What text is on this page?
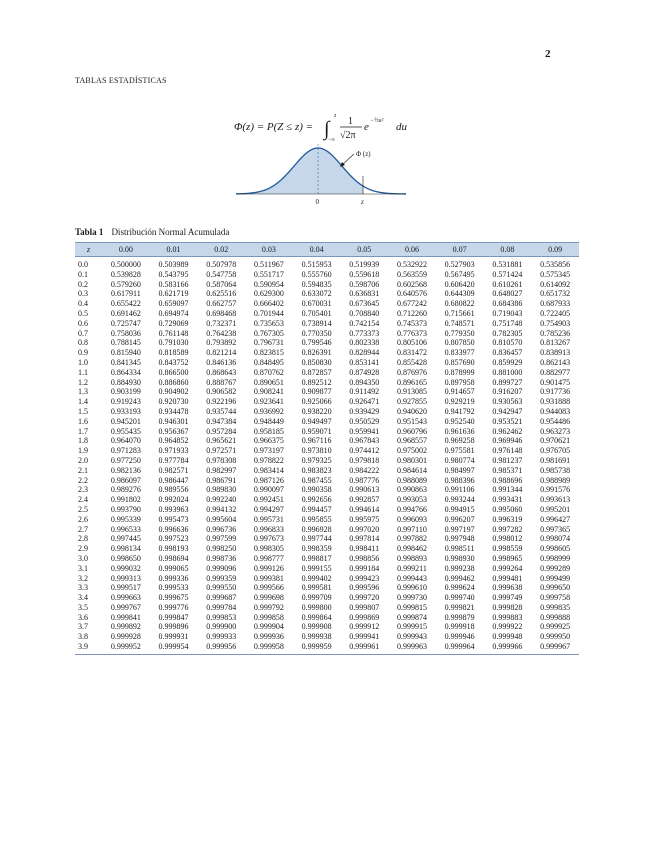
2
TABLAS ESTADÍSTICAS
Φ(z) = P(Z ≤ z) = ∫
z
−∞
1
√2π
e −½u² du
Φ (z)
0	z
Tabla 1 Distribución Normal Acumulada
z	0.00	0.01	0.02	0.03	0.04	0.05	0.06	0.07	0.08	0.09
0.0	0.500000	0.503989	0.507978	0.511967	0.515953	0.519939	0.532922	0.527903	0.531881	0.535856
0.1	0.539828	0.543795	0.547758	0.551717	0.555760	0.559618	0.563559	0.567495	0.571424	0.575345
0.2	0.579260	0.583166	0.587064	0.590954	0.594835	0.598706	0.602568	0.606420	0.610261	0.614092
0.3	0.617911	0.621719	0.625516	0.629300	0.633072	0.636831	0.640576	0.644309	0.648027	0.651732
0.4	0.655422	0.659097	0.662757	0.666402	0.670031	0.673645	0.677242	0.680822	0.684386	0.687933
0.5	0.691462	0.694974	0.698468	0.701944	0.705401	0.708840	0.712260	0.715661	0.719043	0.722405
0.6	0.725747	0.729069	0.732371	0.735653	0.738914	0.742154	0.745373	0.748571	0.751748	0.754903
0.7	0.758036	0.761148	0.764238	0.767305	0.770350	0.773373	0.776373	0.779350	0.782305	0.785236
0.8	0.788145	0.791030	0.793892	0.796731	0.799546	0.802338	0.805106	0.807850	0.810570	0.813267
0.9	0.815940	0.818589	0.821214	0.823815	0.826391	0.828944	0.831472	0.833977	0.836457	0.838913
1.0	0.841345	0.843752	0.846136	0.848495	0.850830	0.853141	0.855428	0.857690	0.859929	0.862143
1.1	0.864334	0.866500	0.868643	0.870762	0.872857	0.874928	0.876976	0.878999	0.881000	0.882977
1.2	0.884930	0.886860	0.888767	0.890651	0.892512	0.894350	0.896165	0.897958	0.899727	0.901475
1.3	0.903199	0.904902	0.906582	0.908241	0.909877	0.911492	0.913085	0.914657	0.916207	0.917736
1.4	0.919243	0.920730	0.922196	0.923641	0.925066	0.926471	0.927855	0.929219	0.930563	0.931888
1.5	0.933193	0.934478	0.935744	0.936992	0.938220	0.939429	0.940620	0.941792	0.942947	0.944083
1.6	0.945201	0.946301	0.947384	0.948449	0.949497	0.950529	0.951543	0.952540	0.953521	0.954486
1.7	0.955435	0.956367	0.957284	0.958185	0.959071	0.959941	0.960796	0.961636	0.962462	0.963273
1.8	0.964070	0.964852	0.965621	0.966375	0.967116	0.967843	0.968557	0.969258	0.969946	0.970621
1.9	0.971283	0.971933	0.972571	0.973197	0.973810	0.974412	0.975002	0.975581	0.976148	0.976705
2.0	0.977250	0.977784	0.978308	0.978822	0.979325	0.979818	0.980301	0.980774	0.981237	0.981691
2.1	0.982136	0.982571	0.982997	0.983414	0.983823	0.984222	0.984614	0.984997	0.985371	0.985738
2.2	0.986097	0.986447	0.986791	0.987126	0.987455	0.987776	0.988089	0.988396	0.988696	0.988989
2.3	0.989276	0.989556	0.989830	0.990097	0.990358	0.990613	0.990863	0.991106	0.991344	0.991576
2.4	0.991802	0.992024	0.992240	0.992451	0.992656	0.992857	0.993053	0.993244	0.993431	0.993613
2.5	0.993790	0.993963	0.994132	0.994297	0.994457	0.994614	0.994766	0.994915	0.995060	0.995201
2.6	0.995339	0.995473	0.995604	0.995731	0.995855	0.995975	0.996093	0.996207	0.996319	0.996427
2.7	0.996533	0.996636	0.996736	0.996833	0.996928	0.997020	0.997110	0.997197	0.997282	0.997365
2.8	0.997445	0.997523	0.997599	0.997673	0.997744	0.997814	0.997882	0.997948	0.998012	0.998074
2.9	0.998134	0.998193	0.998250	0.998305	0.998359	0.998411	0.998462	0.998511	0.998559	0.998605
3.0	0.998650	0.998694	0.998736	0.998777	0.998817	0.998856	0.998893	0.998930	0.998965	0.998999
3.1	0.999032	0.999065	0.999096	0.999126	0.999155	0.999184	0.999211	0.999238	0.999264	0.999289
3.2	0.999313	0.999336	0.999359	0.999381	0.999402	0.999423	0.999443	0.999462	0.999481	0.999499
3.3	0.999517	0.999533	0.999550	0.999566	0.999581	0.999596	0.999610	0.999624	0.999638	0.999650
3.4	0.999663	0.999675	0.999687	0.999698	0.999709	0.999720	0.999730	0.999740	0.999749	0.999758
3.5	0.999767	0.999776	0.999784	0.999792	0.999800	0.999807	0.999815	0.999821	0.999828	0.999835
3.6	0.999841	0.999847	0.999853	0.999858	0.999864	0.999869	0.999874	0.999879	0.999883	0.999888
3.7	0.999892	0.999896	0.999900	0.999904	0.999908	0.999912	0.999915	0.999918	0.999922	0.999925
3.8	0.999928	0.999931	0.999933	0.999936	0.999938	0.999941	0.999943	0.999946	0.999948	0.999950
3.9	0.999952	0.999954	0.999956	0.999958	0.999959	0.999961	0.999963	0.999964	0.999966	0.999967
